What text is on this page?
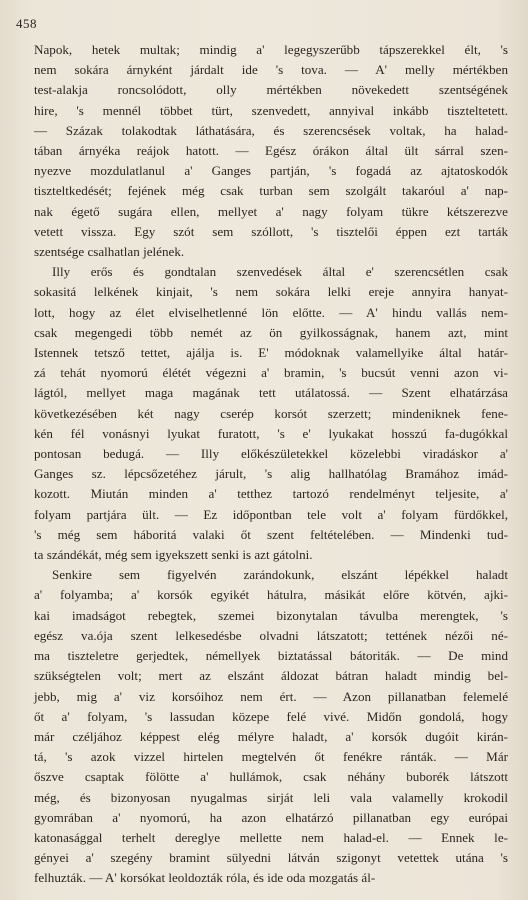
458
Napok, hetek multak; mindig a' legegyszerűbb tápszerekkel élt, 's
nem sokára árnyként járdalt ide 's tova. — A' melly mértékben
test-alakja roncsolódott, olly mértékben növekedett szentségének
hire, 's mennél többet türt, szenvedett, annyival inkább tiszteltetett.
— Százak tolakodtak láthatására, és szerencsések voltak, ha halad-
tában árnyéka reájok hatott. — Egész órákon által ült sárral szen-
nyezve mozdulatlanul a' Ganges partján, 's fogadá az ajtatoskodók
tiszteltkedését; fejének még csak turban sem szolgált takaróul a' nap-
nak égető sugára ellen, mellyet a' nagy folyam tükre kétszerezve
vetett vissza. Egy szót sem szóllott, 's tisztelői éppen ezt tarták
szentsége csalhatlan jelének.
Illy erős és gondtalan szenvedések által e' szerencsétlen csak
sokasitá lelkének kinjait, 's nem sokára lelki ereje annyira hanyat-
lott, hogy az élet elviselhetlenné lön előtte. — A' hindu vallás nem-
csak megengedi több nemét az ön gyilkosságnak, hanem azt, mint
Istennek tetsző tettet, ajálja is. E' módoknak valamellyike által határ-
zá tehát nyomorú élétét végezni a' bramin, 's bucsút venni azon vi-
lágtól, mellyet maga magának tett utálatossá. — Szent elhatárzása
következésében két nagy cserép korsót szerzett; mindeniknek fene-
kén fél vonásnyi lyukat furatott, 's e' lyukakat hosszú fa-dugókkal
pontosan bedugá. — Illy előkészületekkel közelebbi viradáskor a'
Ganges sz. lépcsőzetéhez járult, 's alig hallhatólag Bramához imád-
kozott. Miután minden a' tetthez tartozó rendelményt teljesite, a'
folyam partjára ült. — Ez időpontban tele volt a' folyam fürdőkkel,
's még sem háboritá valaki őt szent feltételében. — Mindenki tud-
ta szándékát, még sem igyekszett senki is azt gátolni.
Senkire sem figyelvén zarándokunk, elszánt lépékkel haladt
a' folyamba; a' korsók egyikét hátulra, másikát előre kötvén, ajki-
kai imadságot rebegtek, szemei bizonytalan távulba merengtek, 's
egész va.ója szent lelkesedésbe olvadni látszatott; tettének nézői né-
ma tiszteletre gerjedtek, némellyek biztatással bátoriták. — De mind
szükségtelen volt; mert az elszánt áldozat bátran haladt mindig bel-
jebb, mig a' viz korsóihoz nem ért. — Azon pillanatban felemelé
őt a' folyam, 's lassudan közepe felé vivé. Midőn gondolá, hogy
már czéljához képpest elég mélyre haladt, a' korsók dugóit kirán-
tá, 's azok vizzel hirtelen megtelvén őt fenékre ránták. — Már
őszve csaptak fölötte a' hullámok, csak néhány buborék látszott
még, és bizonyosan nyugalmas sirját leli vala valamelly krokodil
gyomrában a' nyomorú, ha azon elhatárzó pillanatban egy európai
katonasággal terhelt dereglye mellette nem halad-el. — Ennek le-
gényei a' szegény bramint sülyedni látván szigonyt vetettek utána 's
felhuzták. — A' korsókat leoldozták róla, és ide oda mozgatás ál-
